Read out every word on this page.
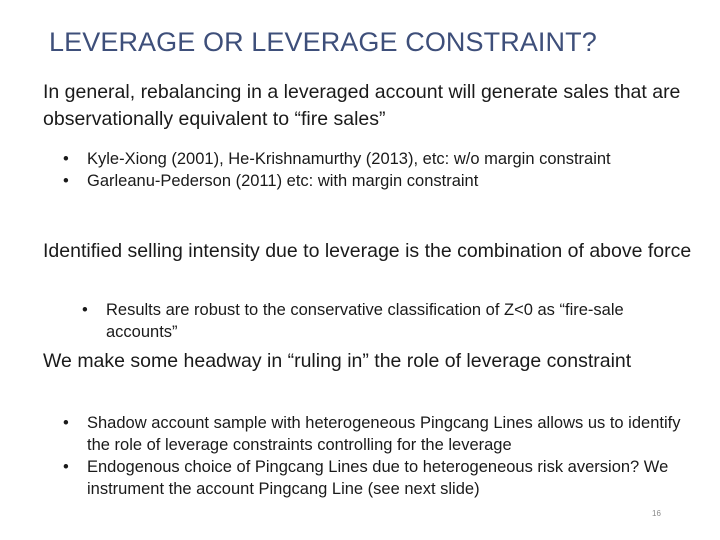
LEVERAGE OR LEVERAGE CONSTRAINT?

In general, rebalancing in a leveraged account will generate sales that are observationally equivalent to “fire sales”

• Kyle-Xiong (2001), He-Krishnamurthy (2013), etc: w/o margin constraint
• Garleanu-Pederson (2011) etc: with margin constraint

Identified selling intensity due to leverage is the combination of above force

• Results are robust to the conservative classification of Z<0 as “fire-sale accounts”

We make some headway in “ruling in” the role of leverage constraint

• Shadow account sample with heterogeneous Pingcang Lines allows us to identify the role of leverage constraints controlling for the leverage
• Endogenous choice of Pingcang Lines due to heterogeneous risk aversion? We instrument the account Pingcang Line (see next slide)
16
